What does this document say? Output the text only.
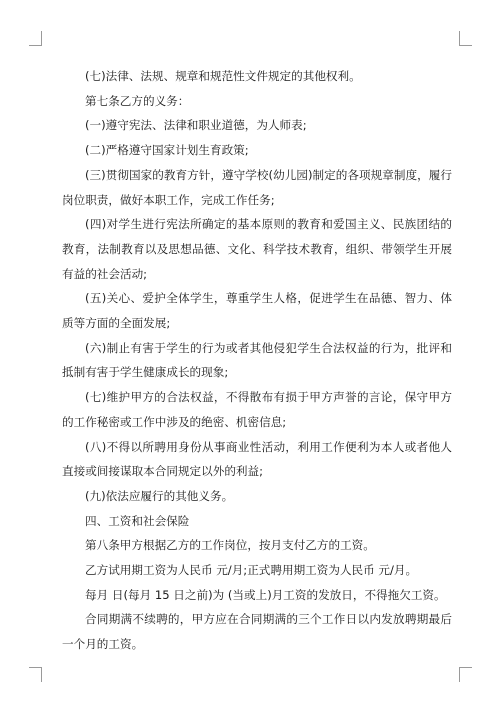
(七)法律、法规、规章和规范性文件规定的其他权利。

第七条乙方的义务：

(一)遵守宪法、法律和职业道德，为人师表;

(二)严格遵守国家计划生育政策;

(三)贯彻国家的教育方针，遵守学校(幼儿园)制定的各项规章制度，履行岗位职责，做好本职工作，完成工作任务;

(四)对学生进行宪法所确定的基本原则的教育和爱国主义、民族团结的教育，法制教育以及思想品德、文化、科学技术教育，组织、带领学生开展有益的社会活动;

(五)关心、爱护全体学生，尊重学生人格，促进学生在品德、智力、体质等方面的全面发展;

(六)制止有害于学生的行为或者其他侵犯学生合法权益的行为，批评和抵制有害于学生健康成长的现象;

(七)维护甲方的合法权益，不得散布有损于甲方声誉的言论，保守甲方的工作秘密或工作中涉及的绝密、机密信息;

(八)不得以所聘用身份从事商业性活动，利用工作便利为本人或者他人直接或间接谋取本合同规定以外的利益;

(九)依法应履行的其他义务。

四、工资和社会保险

第八条甲方根据乙方的工作岗位，按月支付乙方的工资。

乙方试用期工资为人民币 元/月;正式聘用期工资为人民币 元/月。

每月 日(每月 15 日之前)为 (当或上)月工资的发放日，不得拖欠工资。

合同期满不续聘的，甲方应在合同期满的三个工作日以内发放聘期最后一个月的工资。
